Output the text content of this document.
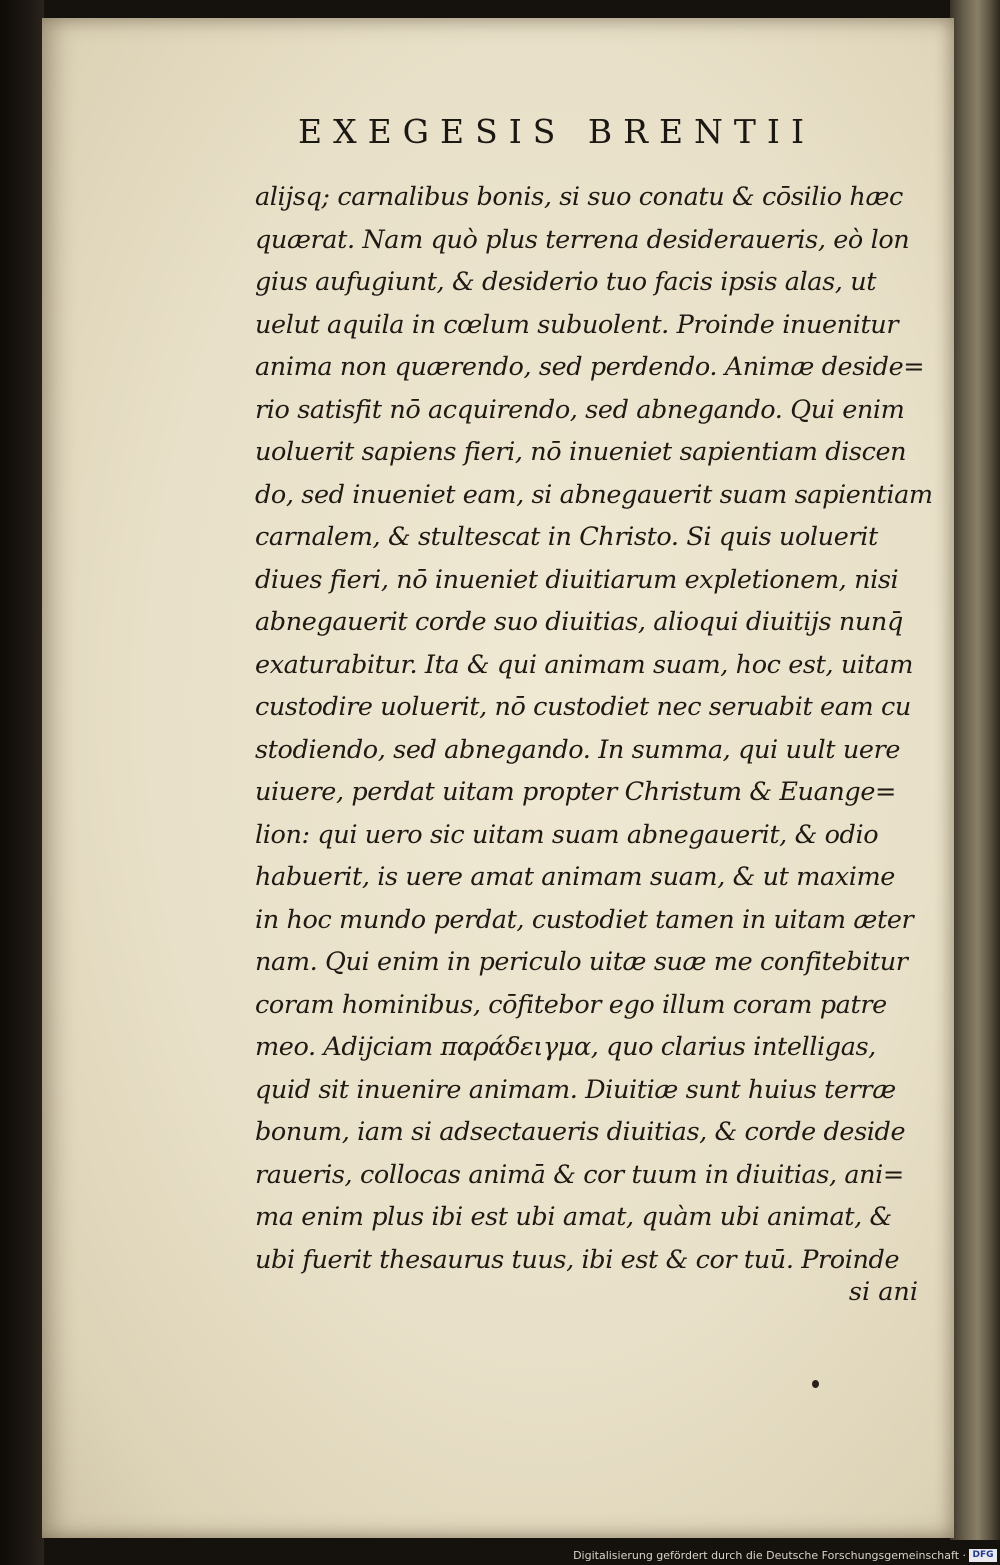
EXEGESIS BRENTII
alijsq; carnalibus bonis, si suo conatu & cōsilio hæc
quærat. Nam quò plus terrena desideraueris, eò lon
gius aufugiunt, & desiderio tuo facis ipsis alas, ut
uelut aquila in cœlum subuolent. Proinde inuenitur
anima non quærendo, sed perdendo. Animæ deside=
rio satisfit nō acquirendo, sed abnegando. Qui enim
uoluerit sapiens fieri, nō inueniet sapientiam discen
do, sed inueniet eam, si abnegauerit suam sapientiam
carnalem, & stultescat in Christo. Si quis uoluerit
diues fieri, nō inueniet diuitiarum expletionem, nisi
abnegauerit corde suo diuitias, alioqui diuitijs nunq̄
exaturabitur. Ita & qui animam suam, hoc est, uitam
custodire uoluerit, nō custodiet nec seruabit eam cu
stodiendo, sed abnegando. In summa, qui uult uere
uiuere, perdat uitam propter Christum & Euange=
lion: qui uero sic uitam suam abnegauerit, & odio
habuerit, is uere amat animam suam, & ut maxime
in hoc mundo perdat, custodiet tamen in uitam æter
nam. Qui enim in periculo uitæ suæ me confitebitur
coram hominibus, cōfitebor ego illum coram patre
meo. Adijciam παράδειγμα, quo clarius intelligas,
quid sit inuenire animam. Diuitiæ sunt huius terræ
bonum, iam si adsectaueris diuitias, & corde deside
raueris, collocas animā & cor tuum in diuitias, ani=
ma enim plus ibi est ubi amat, quàm ubi animat, &
ubi fuerit thesaurus tuus, ibi est & cor tuū. Proinde
si ani
Digitalisierung gefördert durch die Deutsche Forschungsgemeinschaft · DFG
